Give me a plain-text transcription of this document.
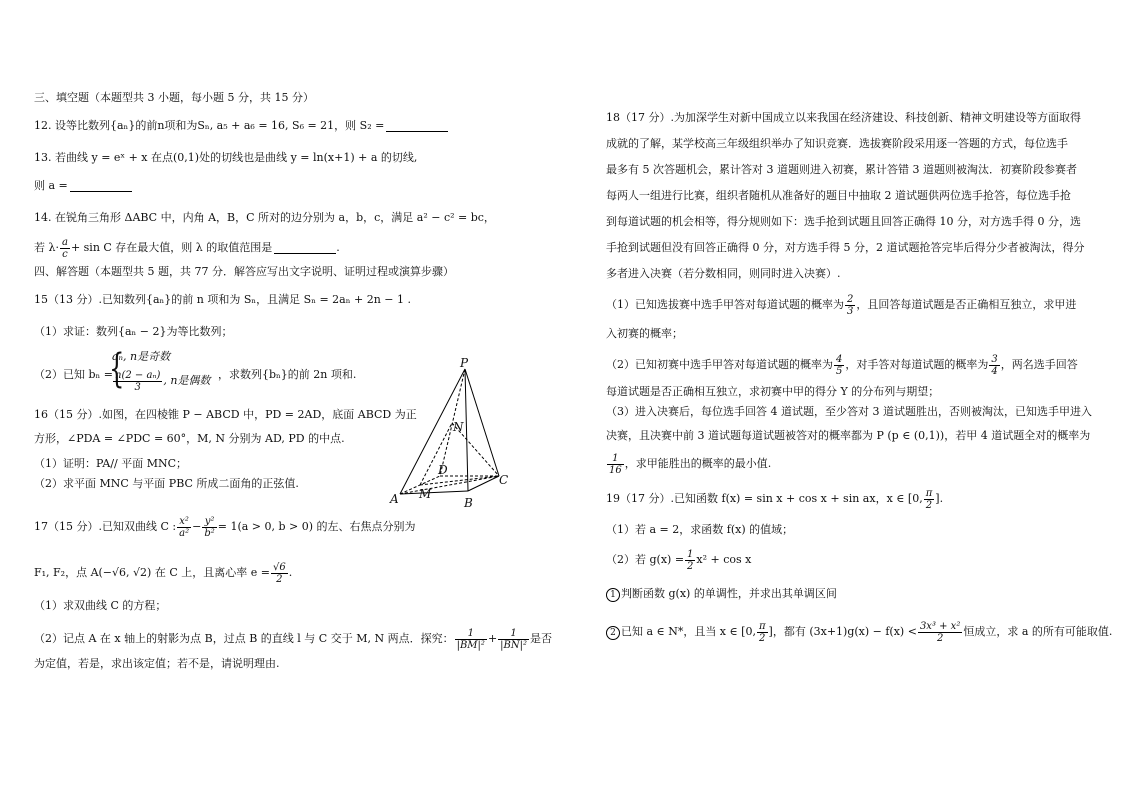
三、填空题（本题型共 3 小题，每小题 5 分，共 15 分）
12. 设等比数列{aₙ}的前n项和为Sₙ, a₅ + a₆ = 16, S₆ = 21，则 S₂ =
13. 若曲线 y = eˣ + x 在点(0,1)处的切线也是曲线 y = ln(x+1) + a 的切线,
则 a =
14. 在锐角三角形 ΔABC 中，内角 A，B，C 所对的边分别为 a，b，c，满足 a² − c² = bc，
若 $\lambda\cdot \frac{a}{c} + \sin C$ 存在最大值，则 λ 的取值范围是	.
四、解答题（本题型共 5 题，共 77 分．解答应写出文字说明、证明过程或演算步骤）
15（13 分）.已知数列{aₙ}的前 n 项和为 Sₙ，且满足 Sₙ = 2aₙ + 2n − 1 .
（1）求证：数列{aₙ − 2}为等比数列；
（2）已知 bₙ =
{
aₙ, n是奇数
$\frac{\text{n(2 − aₙ)}}{3}$ , n是偶数 ，求数列{bₙ}的前 2n 项和.
16（15 分）.如图，在四棱锥 P − ABCD 中，PD = 2AD，底面 ABCD 为正
方形，∠PDA = ∠PDC = 60°，M, N 分别为 AD, PD 的中点.
（1）证明：PA// 平面 MNC；
（2）求平面 MNC 与平面 PBC 所成二面角的正弦值.
P
N
D
C
A M
B
17（15 分）.已知双曲线 C : $\frac{\text{x²}}{\text{a²}} - \frac{\text{y²}}{\text{b²}} = 1(a > 0$, b > 0) 的左、右焦点分别为
F₁, F₂，点 A(−√6, √2) 在 C 上，且离心率 $e = \frac{√6}{2}$ .
（1）求双曲线 C 的方程；
（2）记点 A 在 x 轴上的射影为点 B，过点 B 的直线 l 与 C 交于 M, N 两点．探究： $\frac{1}{\text{|BM|²}} + \frac{1}{\text{|BN|²}}$ 是否
为定值，若是，求出该定值；若不是，请说明理由.
18（17 分）.为加深学生对新中国成立以来我国在经济建设、科技创新、精神文明建设等方面取得
成就的了解，某学校高三年级组织举办了知识竞赛．选拔赛阶段采用逐一答题的方式，每位选手
最多有 5 次答题机会，累计答对 3 道题则进入初赛，累计答错 3 道题则被淘汰．初赛阶段参赛者
每两人一组进行比赛，组织者随机从准备好的题目中抽取 2 道试题供两位选手抢答，每位选手抢
到每道试题的机会相等，得分规则如下：选手抢到试题且回答正确得 10 分，对方选手得 0 分，选
手抢到试题但没有回答正确得 0 分，对方选手得 5 分，2 道试题抢答完毕后得分少者被淘汰，得分
多者进入决赛（若分数相同，则同时进入决赛）.
（1）已知选拔赛中选手甲答对每道试题的概率为 $\frac{2}{3}$ ，且回答每道试题是否正确相互独立，求甲进
入初赛的概率；
（2）已知初赛中选手甲答对每道试题的概率为 $\frac{4}{5}$ ，对手答对每道试题的概率为 $\frac{3}{4}$ ，两名选手回答
每道试题是否正确相互独立，求初赛中甲的得分 Y 的分布列与期望；
（3）进入决赛后，每位选手回答 4 道试题，至少答对 3 道试题胜出，否则被淘汰，已知选手甲进入
决赛，且决赛中前 3 道试题每道试题被答对的概率都为 P (p ∈ (0,1))，若甲 4 道试题全对的概率为
$\frac{1}{16}$ ，求甲能胜出的概率的最小值.
19（17 分）.已知函数 f(x) = sin x + cos x + sin ax，x ∈ [0, $\frac{\pi}{2}$ ].
（1）若 a = 2，求函数 f(x) 的值域；
（2）若 $g(x) = \frac{1}{2} x^2 + \cos x$
1 判断函数 g(x) 的单调性，并求出其单调区间
2 已知 a ∈ N*，且当 x ∈ [0, $\frac{\pi}{2}$ ]，都有 $(3x+1)g(x) - f(x) < \frac{\text{3x³ + x²}}{2}$ 恒成立，求 a 的所有可能取值.
